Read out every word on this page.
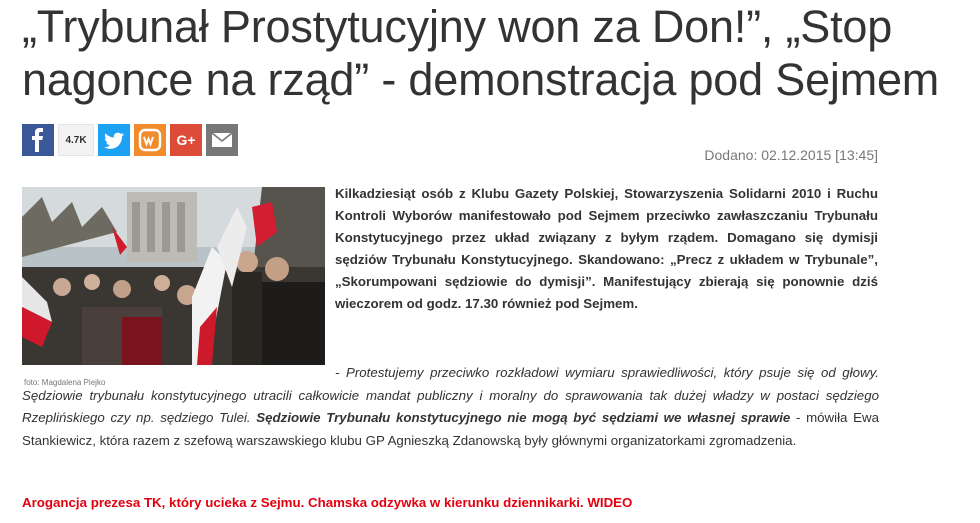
„Trybunał Prostytucyjny won za Don!”, „Stop nagonce na rząd” - demonstracja pod Sejmem
4.7K	G+
Dodano: 02.12.2015 [13:45]
foto: Magdalena Piejko

Kilkadziesiąt osób z Klubu Gazety Polskiej, Stowarzyszenia Solidarni 2010 i Ruchu Kontroli Wyborów manifestowało pod Sejmem przeciwko zawłaszczaniu Trybunału Konstytucyjnego przez układ związany z byłym rządem. Domagano się dymisji sędziów Trybunału Konstytucyjnego. Skandowano: „Precz z układem w Trybunale”, „Skorumpowani sędziowie do dymisji”. Manifestujący zbierają się ponownie dziś wieczorem od godz. 17.30 również pod Sejmem.

- Protestujemy przeciwko rozkładowi wymiaru sprawiedliwości, który psuje się od głowy. Sędziowie trybunału konstytucyjnego utracili całkowicie mandat publiczny i moralny do sprawowania tak dużej władzy w postaci sędziego Rzeplińskiego czy np. sędziego Tulei. Sędziowie Trybunału konstytucyjnego nie mogą być sędziami we własnej sprawie - mówiła Ewa Stankiewicz, która razem z szefową warszawskiego klubu GP Agnieszką Zdanowską były głównymi organizatorkami zgromadzenia.

Arogancja prezesa TK, który ucieka z Sejmu. Chamska odzywka w kierunku dziennikarki. WIDEO
